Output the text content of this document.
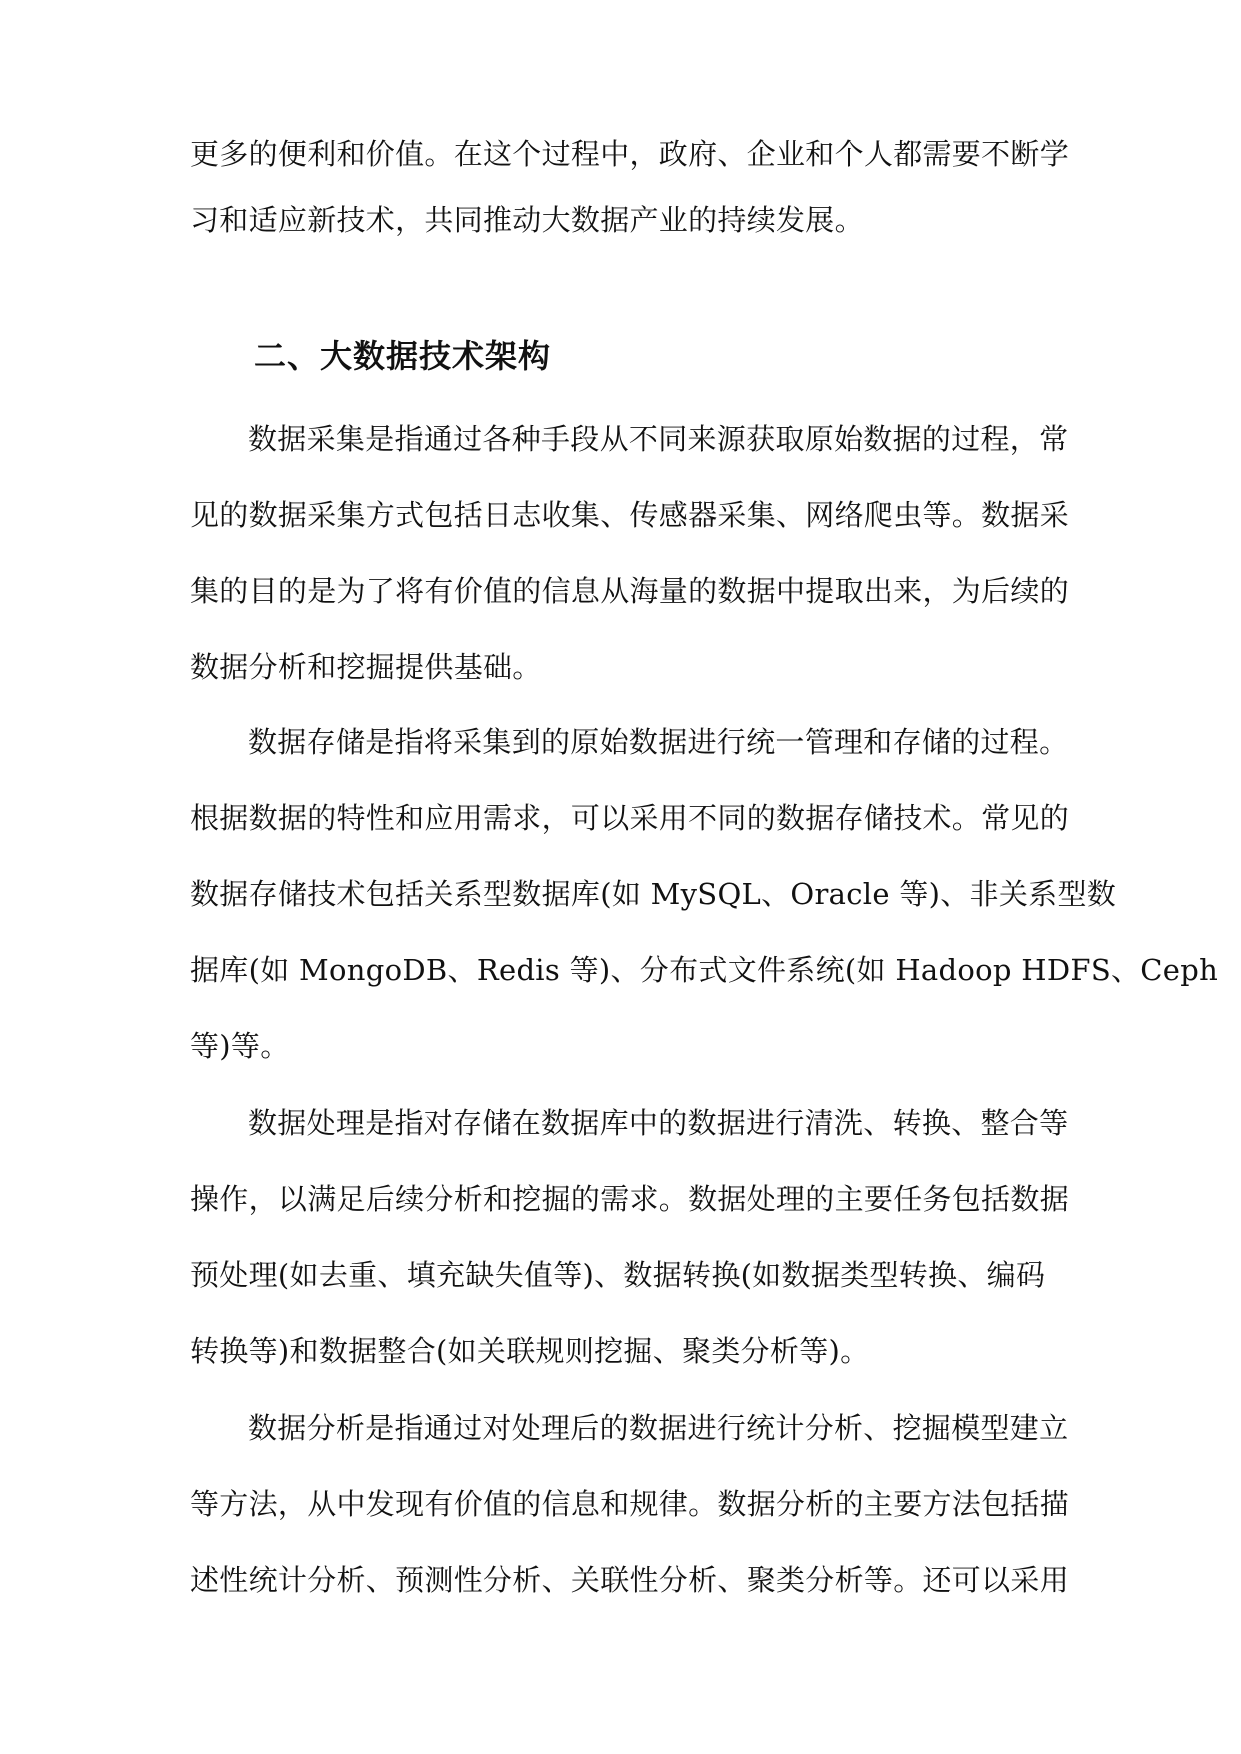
更多的便利和价值。在这个过程中，政府、企业和个人都需要不断学
习和适应新技术，共同推动大数据产业的持续发展。
二、大数据技术架构
数据采集是指通过各种手段从不同来源获取原始数据的过程，常
见的数据采集方式包括日志收集、传感器采集、网络爬虫等。数据采
集的目的是为了将有价值的信息从海量的数据中提取出来，为后续的
数据分析和挖掘提供基础。
数据存储是指将采集到的原始数据进行统一管理和存储的过程。
根据数据的特性和应用需求，可以采用不同的数据存储技术。常见的
数据存储技术包括关系型数据库(如 MySQL、Oracle 等)、非关系型数
据库(如 MongoDB、Redis 等)、分布式文件系统(如 Hadoop HDFS、Ceph
等)等。
数据处理是指对存储在数据库中的数据进行清洗、转换、整合等
操作，以满足后续分析和挖掘的需求。数据处理的主要任务包括数据
预处理(如去重、填充缺失值等)、数据转换(如数据类型转换、编码
转换等)和数据整合(如关联规则挖掘、聚类分析等)。
数据分析是指通过对处理后的数据进行统计分析、挖掘模型建立
等方法，从中发现有价值的信息和规律。数据分析的主要方法包括描
述性统计分析、预测性分析、关联性分析、聚类分析等。还可以采用
